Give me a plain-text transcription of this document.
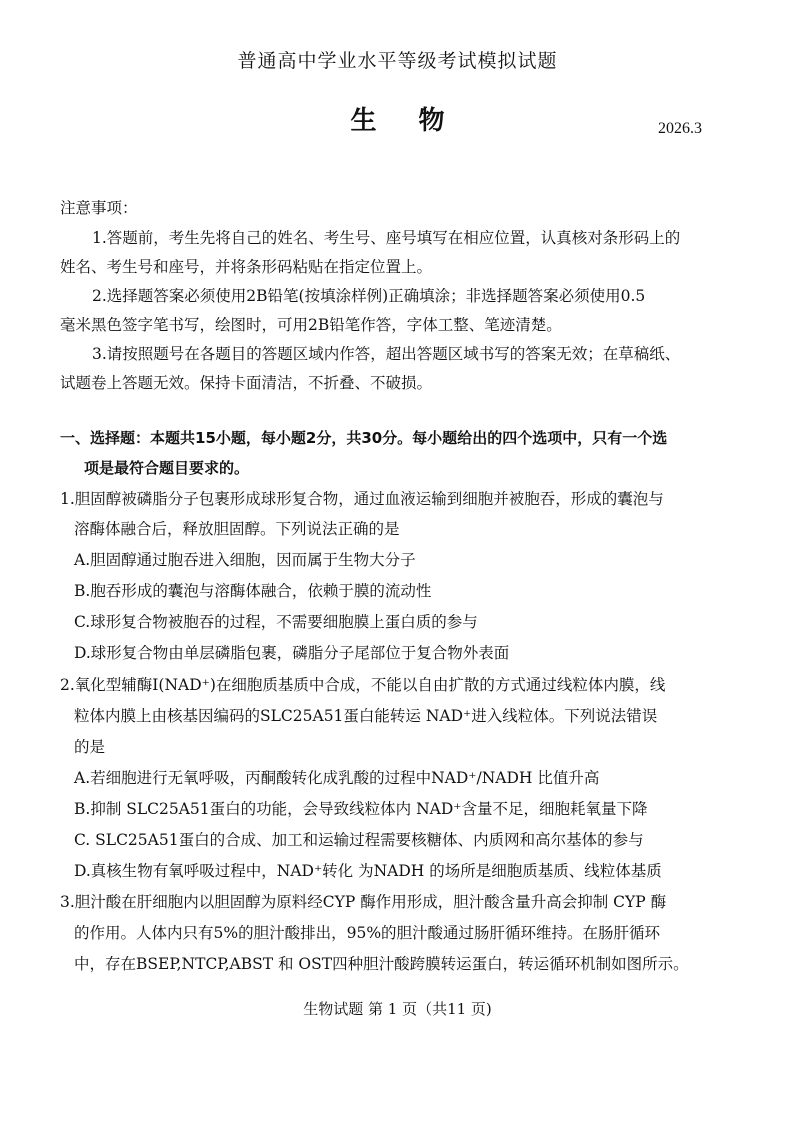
普通高中学业水平等级考试模拟试题
生物	2026.3
注意事项：
1.答题前，考生先将自己的姓名、考生号、座号填写在相应位置，认真核对条形码上的
姓名、考生号和座号，并将条形码粘贴在指定位置上。
2.选择题答案必须使用2B铅笔(按填涂样例)正确填涂；非选择题答案必须使用0.5
毫米黑色签字笔书写，绘图时，可用2B铅笔作答，字体工整、笔迹清楚。
3.请按照题号在各题目的答题区域内作答，超出答题区域书写的答案无效；在草稿纸、
试题卷上答题无效。保持卡面清洁，不折叠、不破损。
一、选择题：本题共15小题，每小题2分，共30分。每小题给出的四个选项中，只有一个选
项是最符合题目要求的。
1.胆固醇被磷脂分子包裹形成球形复合物，通过血液运输到细胞并被胞吞，形成的囊泡与
溶酶体融合后，释放胆固醇。下列说法正确的是
A.胆固醇通过胞吞进入细胞，因而属于生物大分子
B.胞吞形成的囊泡与溶酶体融合，依赖于膜的流动性
C.球形复合物被胞吞的过程，不需要细胞膜上蛋白质的参与
D.球形复合物由单层磷脂包裹，磷脂分子尾部位于复合物外表面
2.氧化型辅酶Ⅰ(NAD⁺)在细胞质基质中合成，不能以自由扩散的方式通过线粒体内膜，线
粒体内膜上由核基因编码的SLC25A51蛋白能转运 NAD⁺进入线粒体。下列说法错误
的是
A.若细胞进行无氧呼吸，丙酮酸转化成乳酸的过程中NAD⁺/NADH 比值升高
B.抑制 SLC25A51蛋白的功能，会导致线粒体内 NAD⁺含量不足，细胞耗氧量下降
C. SLC25A51蛋白的合成、加工和运输过程需要核糖体、内质网和高尔基体的参与
D.真核生物有氧呼吸过程中，NAD⁺转化 为NADH 的场所是细胞质基质、线粒体基质
3.胆汁酸在肝细胞内以胆固醇为原料经CYP 酶作用形成，胆汁酸含量升高会抑制 CYP 酶
的作用。人体内只有5%的胆汁酸排出，95%的胆汁酸通过肠肝循环维持。在肠肝循环
中，存在BSEP,NTCP,ABST 和 OST四种胆汁酸跨膜转运蛋白，转运循环机制如图所示。
生物试题 第 1 页（共11 页)
